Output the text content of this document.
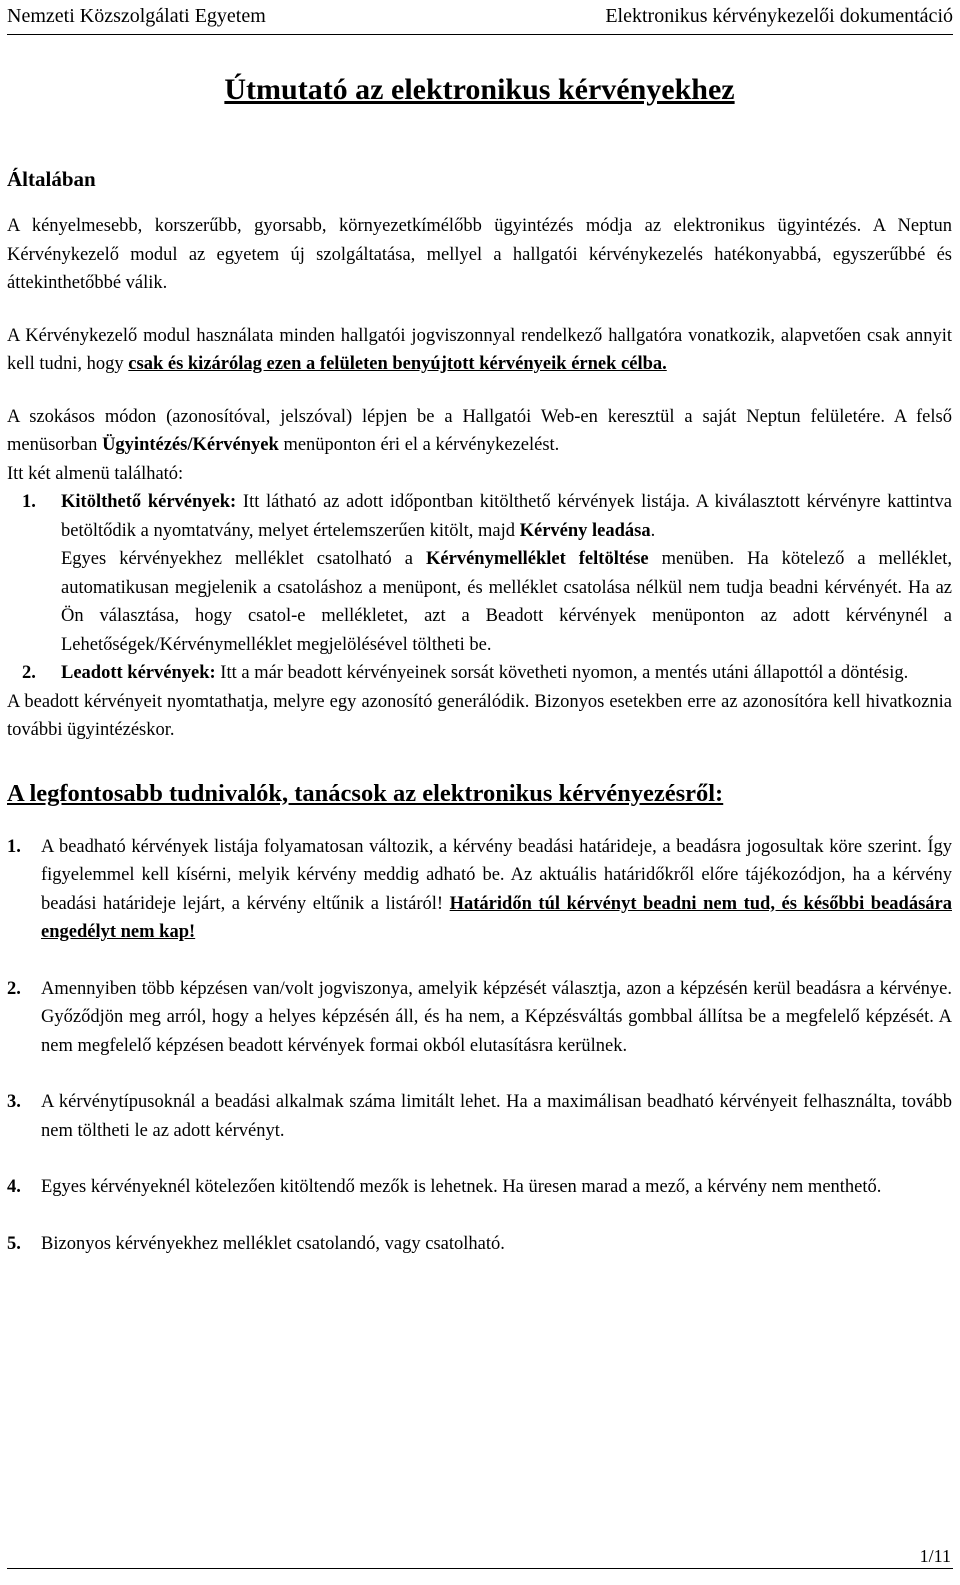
Nemzeti Közszolgálati Egyetem	Elektronikus kérvénykezelői dokumentáció
Útmutató az elektronikus kérvényekhez
Általában

A kényelmesebb, korszerűbb, gyorsabb, környezetkímélőbb ügyintézés módja az elektronikus ügyintézés. A Neptun Kérvénykezelő modul az egyetem új szolgáltatása, mellyel a hallgatói kérvénykezelés hatékonyabbá, egyszerűbbé és áttekinthetőbbé válik.

A Kérvénykezelő modul használata minden hallgatói jogviszonnyal rendelkező hallgatóra vonatkozik, alapvetően csak annyit kell tudni, hogy csak és kizárólag ezen a felületen benyújtott kérvényeik érnek célba.

A szokásos módon (azonosítóval, jelszóval) lépjen be a Hallgatói Web-en keresztül a saját Neptun felületére. A felső menüsorban Ügyintézés/Kérvények menüponton éri el a kérvénykezelést.

Itt két almenü található:

1. Kitölthető kérvények: Itt látható az adott időpontban kitölthető kérvények listája. A kiválasztott kérvényre kattintva betöltődik a nyomtatvány, melyet értelemszerűen kitölt, majd Kérvény leadása.
Egyes kérvényekhez melléklet csatolható a Kérvénymelléklet feltöltése menüben. Ha kötelező a melléklet, automatikusan megjelenik a csatoláshoz a menüpont, és melléklet csatolása nélkül nem tudja beadni kérvényét. Ha az Ön választása, hogy csatol-e mellékletet, azt a Beadott kérvények menüponton az adott kérvénynél a Lehetőségek/Kérvénymelléklet megjelölésével töltheti be.
2. Leadott kérvények: Itt a már beadott kérvényeinek sorsát követheti nyomon, a mentés utáni állapottól a döntésig.

A beadott kérvényeit nyomtathatja, melyre egy azonosító generálódik. Bizonyos esetekben erre az azonosítóra kell hivatkoznia további ügyintézéskor.

A legfontosabb tudnivalók, tanácsok az elektronikus kérvényezésről:
1. A beadható kérvények listája folyamatosan változik, a kérvény beadási határideje, a beadásra jogosultak köre szerint. Így figyelemmel kell kísérni, melyik kérvény meddig adható be. Az aktuális határidőkről előre tájékozódjon, ha a kérvény beadási határideje lejárt, a kérvény eltűnik a listáról! Határidőn túl kérvényt beadni nem tud, és későbbi beadására engedélyt nem kap!
2. Amennyiben több képzésen van/volt jogviszonya, amelyik képzését választja, azon a képzésén kerül beadásra a kérvénye. Győződjön meg arról, hogy a helyes képzésén áll, és ha nem, a Képzésváltás gombbal állítsa be a megfelelő képzését. A nem megfelelő képzésen beadott kérvények formai okból elutasításra kerülnek.
3. A kérvénytípusoknál a beadási alkalmak száma limitált lehet. Ha a maximálisan beadható kérvényeit felhasználta, tovább nem töltheti le az adott kérvényt.
4. Egyes kérvényeknél kötelezően kitöltendő mezők is lehetnek. Ha üresen marad a mező, a kérvény nem menthető.
5. Bizonyos kérvényekhez melléklet csatolandó, vagy csatolható.
1/11
